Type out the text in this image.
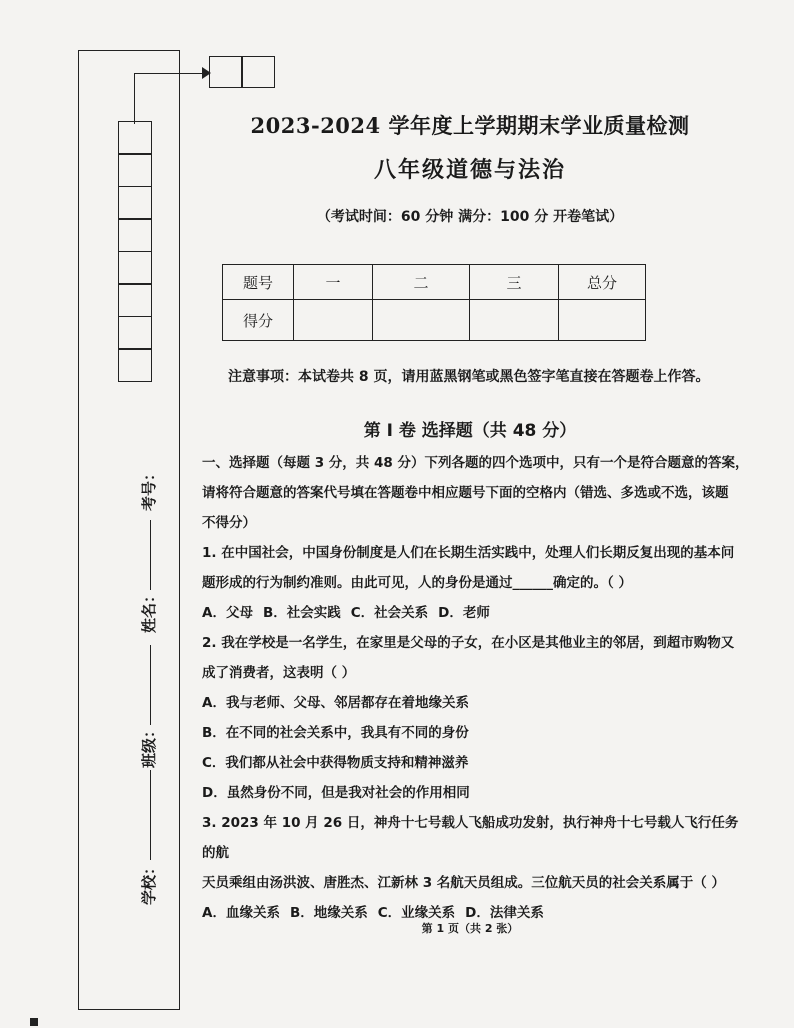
考号：
姓名：
班级：
学校：
2023-2024 学年度上学期期末学业质量检测
八年级道德与法治
（考试时间：60 分钟 满分：100 分 开卷笔试）
题号	一	二	三	总分
得分				
注意事项：本试卷共 8 页，请用蓝黑钢笔或黑色签字笔直接在答题卷上作答。
第 I 卷 选择题（共 48 分）

一、选择题（每题 3 分，共 48 分）下列各题的四个选项中，只有一个是符合题意的答案，

请将符合题意的答案代号填在答题卷中相应题号下面的空格内（错选、多选或不选，该题

不得分）

1. 在中国社会，中国身份制度是人们在长期生活实践中，处理人们长期反复出现的基本问

题形成的行为制约准则。由此可见，人的身份是通过______确定的。（ ）

A．父母 B．社会实践 C．社会关系 D．老师

2. 我在学校是一名学生，在家里是父母的子女，在小区是其他业主的邻居，到超市购物又

成了消费者，这表明（ ）

A．我与老师、父母、邻居都存在着地缘关系

B．在不同的社会关系中，我具有不同的身份

C．我们都从社会中获得物质支持和精神滋养

D．虽然身份不同，但是我对社会的作用相同

3. 2023 年 10 月 26 日，神舟十七号载人飞船成功发射，执行神舟十七号载人飞行任务的航

天员乘组由汤洪波、唐胜杰、江新林 3 名航天员组成。三位航天员的社会关系属于（ ）

A．血缘关系 B．地缘关系 C．业缘关系 D．法律关系
第 1 页（共 2 张）
